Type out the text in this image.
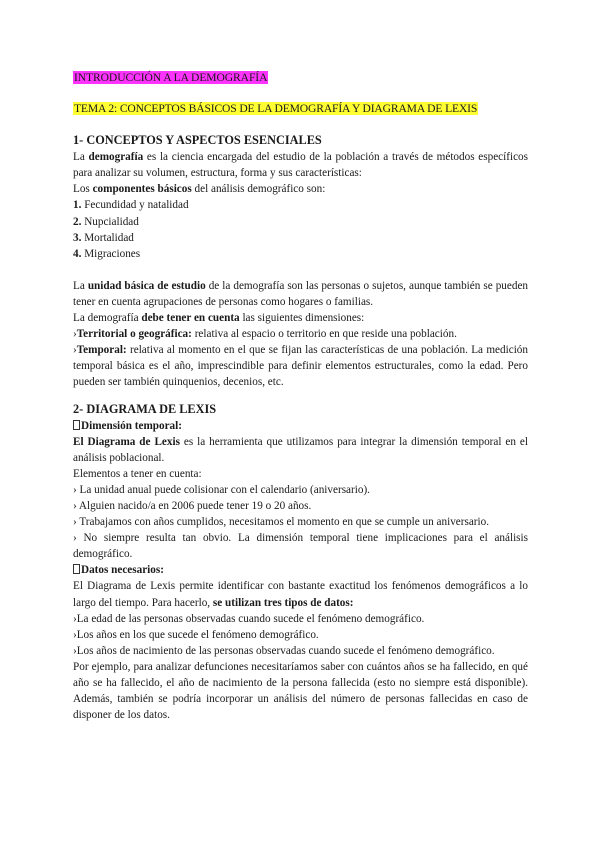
INTRODUCCIÓN A LA DEMOGRAFÍA

TEMA 2: CONCEPTOS BÁSICOS DE LA DEMOGRAFÍA Y DIAGRAMA DE LEXIS

1- CONCEPTOS Y ASPECTOS ESENCIALES

La demografía es la ciencia encargada del estudio de la población a través de métodos específicos para analizar su volumen, estructura, forma y sus características:

Los componentes básicos del análisis demográfico son:

1. Fecundidad y natalidad

2. Nupcialidad

3. Mortalidad

4. Migraciones

La unidad básica de estudio de la demografía son las personas o sujetos, aunque también se pueden tener en cuenta agrupaciones de personas como hogares o familias.

La demografía debe tener en cuenta las siguientes dimensiones:

›Territorial o geográfica: relativa al espacio o territorio en que reside una población.

›Temporal: relativa al momento en el que se fijan las características de una población. La medición temporal básica es el año, imprescindible para definir elementos estructurales, como la edad. Pero pueden ser también quinquenios, decenios, etc.

2- DIAGRAMA DE LEXIS

Dimensión temporal:

El Diagrama de Lexis es la herramienta que utilizamos para integrar la dimensión temporal en el análisis poblacional.

Elementos a tener en cuenta:

› La unidad anual puede colisionar con el calendario (aniversario).

› Alguien nacido/a en 2006 puede tener 19 o 20 años.

› Trabajamos con años cumplidos, necesitamos el momento en que se cumple un aniversario.

› No siempre resulta tan obvio. La dimensión temporal tiene implicaciones para el análisis demográfico.

Datos necesarios:

El Diagrama de Lexis permite identificar con bastante exactitud los fenómenos demográficos a lo largo del tiempo. Para hacerlo, se utilizan tres tipos de datos:

›La edad de las personas observadas cuando sucede el fenómeno demográfico.

›Los años en los que sucede el fenómeno demográfico.

›Los años de nacimiento de las personas observadas cuando sucede el fenómeno demográfico.

Por ejemplo, para analizar defunciones necesitaríamos saber con cuántos años se ha fallecido, en qué año se ha fallecido, el año de nacimiento de la persona fallecida (esto no siempre está disponible). Además, también se podría incorporar un análisis del número de personas fallecidas en caso de disponer de los datos.
